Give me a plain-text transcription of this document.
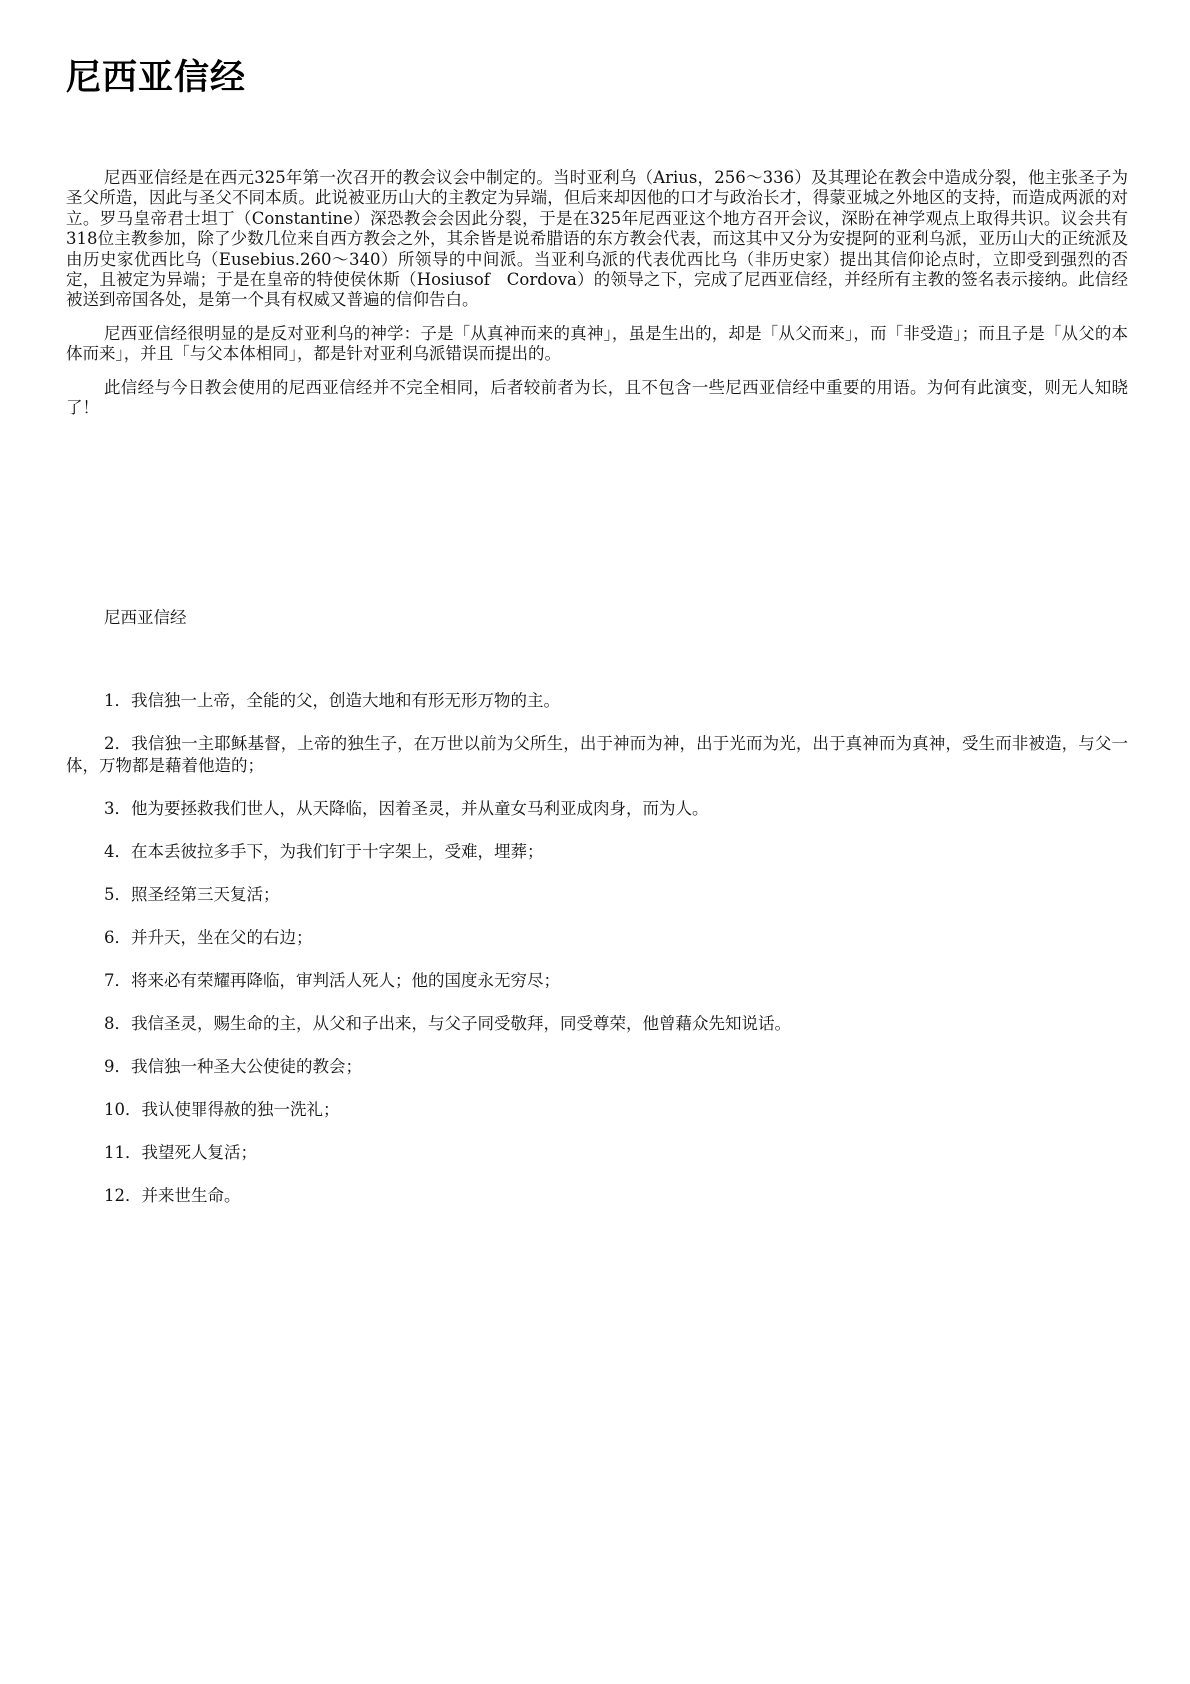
尼西亚信经

尼西亚信经是在西元325年第一次召开的教会议会中制定的。当时亚利乌（Arius，256～336）及其理论在教会中造成分裂，他主张圣子为圣父所造，因此与圣父不同本质。此说被亚历山大的主教定为异端，但后来却因他的口才与政治长才，得蒙亚城之外地区的支持，而造成两派的对立。罗马皇帝君士坦丁（Constantine）深恐教会会因此分裂，于是在325年尼西亚这个地方召开会议，深盼在神学观点上取得共识。议会共有318位主教参加，除了少数几位来自西方教会之外，其余皆是说希腊语的东方教会代表，而这其中又分为安提阿的亚利乌派，亚历山大的正统派及由历史家优西比乌（Eusebius.260～340）所领导的中间派。当亚利乌派的代表优西比乌（非历史家）提出其信仰论点时，立即受到强烈的否定，且被定为异端；于是在皇帝的特使侯休斯（Hosiusof　Cordova）的领导之下，完成了尼西亚信经，并经所有主教的签名表示接纳。此信经被送到帝国各处，是第一个具有权威又普遍的信仰告白。

尼西亚信经很明显的是反对亚利乌的神学：子是「从真神而来的真神」，虽是生出的，却是「从父而来」，而「非受造」；而且子是「从父的本体而来」，并且「与父本体相同」，都是针对亚利乌派错误而提出的。

此信经与今日教会使用的尼西亚信经并不完全相同，后者较前者为长，且不包含一些尼西亚信经中重要的用语。为何有此演变，则无人知晓了！

尼西亚信经
1．我信独一上帝，全能的父，创造大地和有形无形万物的主。
2．我信独一主耶稣基督，上帝的独生子，在万世以前为父所生，出于神而为神，出于光而为光，出于真神而为真神，受生而非被造，与父一体，万物都是藉着他造的；
3．他为要拯救我们世人，从天降临，因着圣灵，并从童女马利亚成肉身，而为人。
4．在本丢彼拉多手下，为我们钉于十字架上，受难，埋葬；
5．照圣经第三天复活；
6．并升天，坐在父的右边；
7．将来必有荣耀再降临，审判活人死人；他的国度永无穷尽；
8．我信圣灵，赐生命的主，从父和子出来，与父子同受敬拜，同受尊荣，他曾藉众先知说话。
9．我信独一种圣大公使徒的教会；
10．我认使罪得赦的独一洗礼；
11．我望死人复活；
12．并来世生命。
